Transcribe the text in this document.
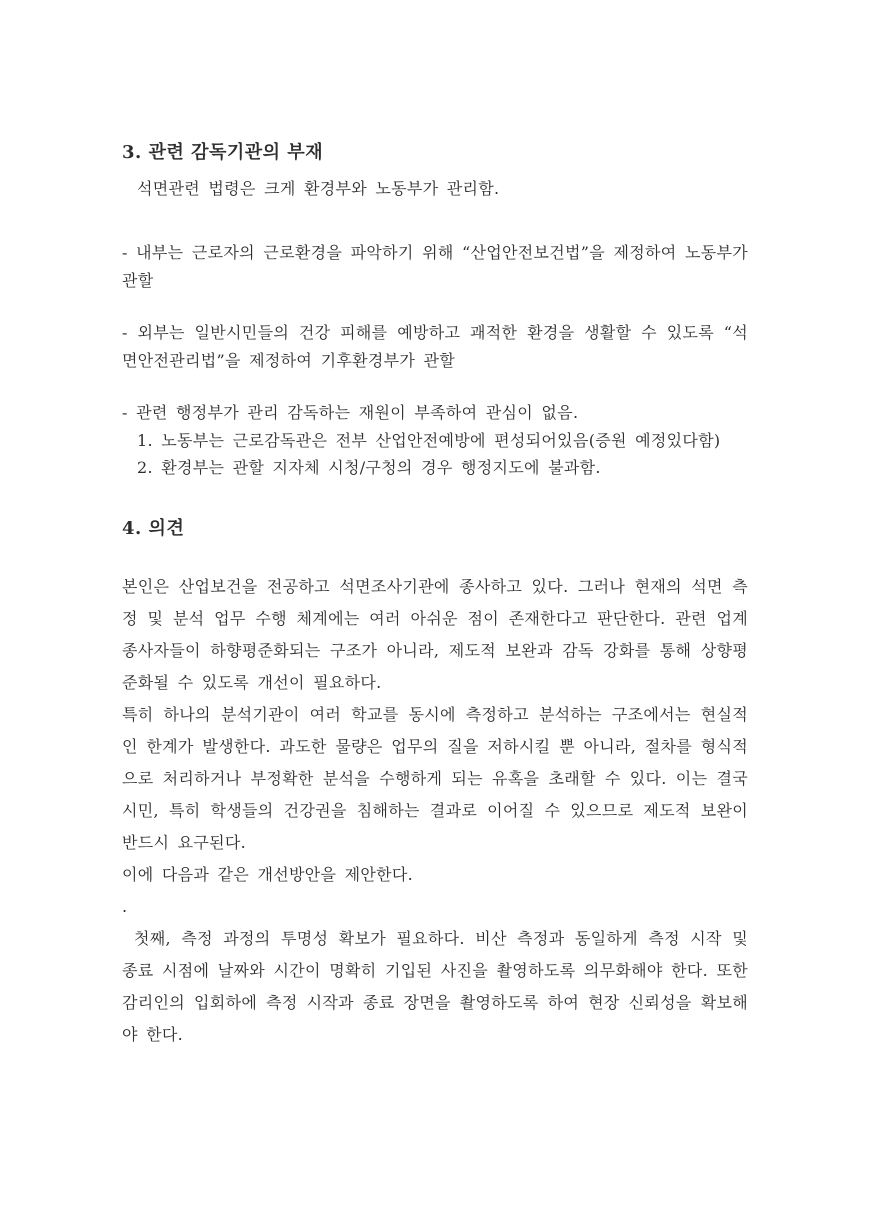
3. 관련 감독기관의 부재

석면관련 법령은 크게 환경부와 노동부가 관리함.

- 내부는 근로자의 근로환경을 파악하기 위해 “산업안전보건법”을 제정하여 노동부가 관할

- 외부는 일반시민들의 건강 피해를 예방하고 괘적한 환경을 생활할 수 있도록 “석면안전관리법”을 제정하여 기후환경부가 관할

- 관련 행정부가 관리 감독하는 재원이 부족하여 관심이 없음.

1. 노동부는 근로감독관은 전부 산업안전예방에 편성되어있음(증원 예정있다함)

2. 환경부는 관할 지자체 시청/구청의 경우 행정지도에 불과함.

4. 의견

본인은 산업보건을 전공하고 석면조사기관에 종사하고 있다. 그러나 현재의 석면 측정 및 분석 업무 수행 체계에는 여러 아쉬운 점이 존재한다고 판단한다. 관련 업계 종사자들이 하향평준화되는 구조가 아니라, 제도적 보완과 감독 강화를 통해 상향평준화될 수 있도록 개선이 필요하다.

특히 하나의 분석기관이 여러 학교를 동시에 측정하고 분석하는 구조에서는 현실적인 한계가 발생한다. 과도한 물량은 업무의 질을 저하시킬 뿐 아니라, 절차를 형식적으로 처리하거나 부정확한 분석을 수행하게 되는 유혹을 초래할 수 있다. 이는 결국 시민, 특히 학생들의 건강권을 침해하는 결과로 이어질 수 있으므로 제도적 보완이 반드시 요구된다.

이에 다음과 같은 개선방안을 제안한다.

.

첫째, 측정 과정의 투명성 확보가 필요하다. 비산 측정과 동일하게 측정 시작 및 종료 시점에 날짜와 시간이 명확히 기입된 사진을 촬영하도록 의무화해야 한다. 또한 감리인의 입회하에 측정 시작과 종료 장면을 촬영하도록 하여 현장 신뢰성을 확보해야 한다.
